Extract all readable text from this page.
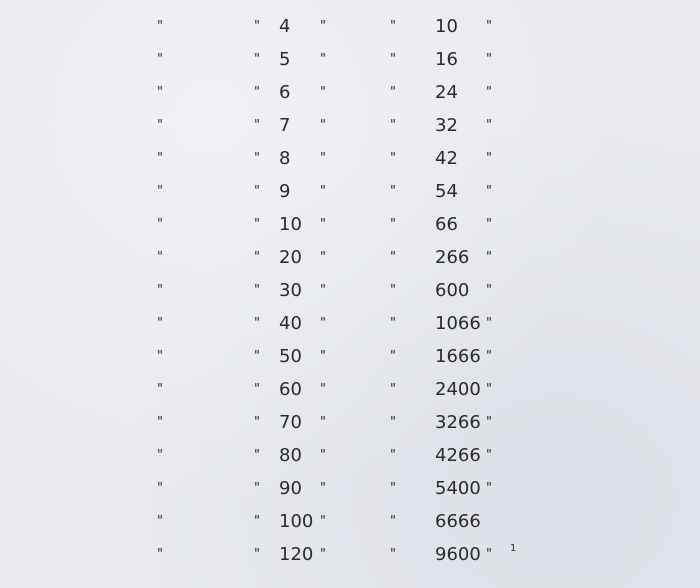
"	" 4 "	" 10 "
"	" 5 "	" 16 "
"	" 6 "	" 24 "
"	" 7 "	" 32 "
"	" 8 "	" 42 "
"	" 9 "	" 54 "
"	" 10 "	" 66 "
"	" 20 "	" 266 "
"	" 30 "	" 600 "
"	" 40 "	" 1066 "
"	" 50 "	" 1666 "
"	" 60 "	" 2400 "
"	" 70 "	" 3266 "
"	" 80 "	" 4266 "
"	" 90 "	" 5400 "
"	" 100 "	" 6666
"	" 120 "	" 9600 " 1
